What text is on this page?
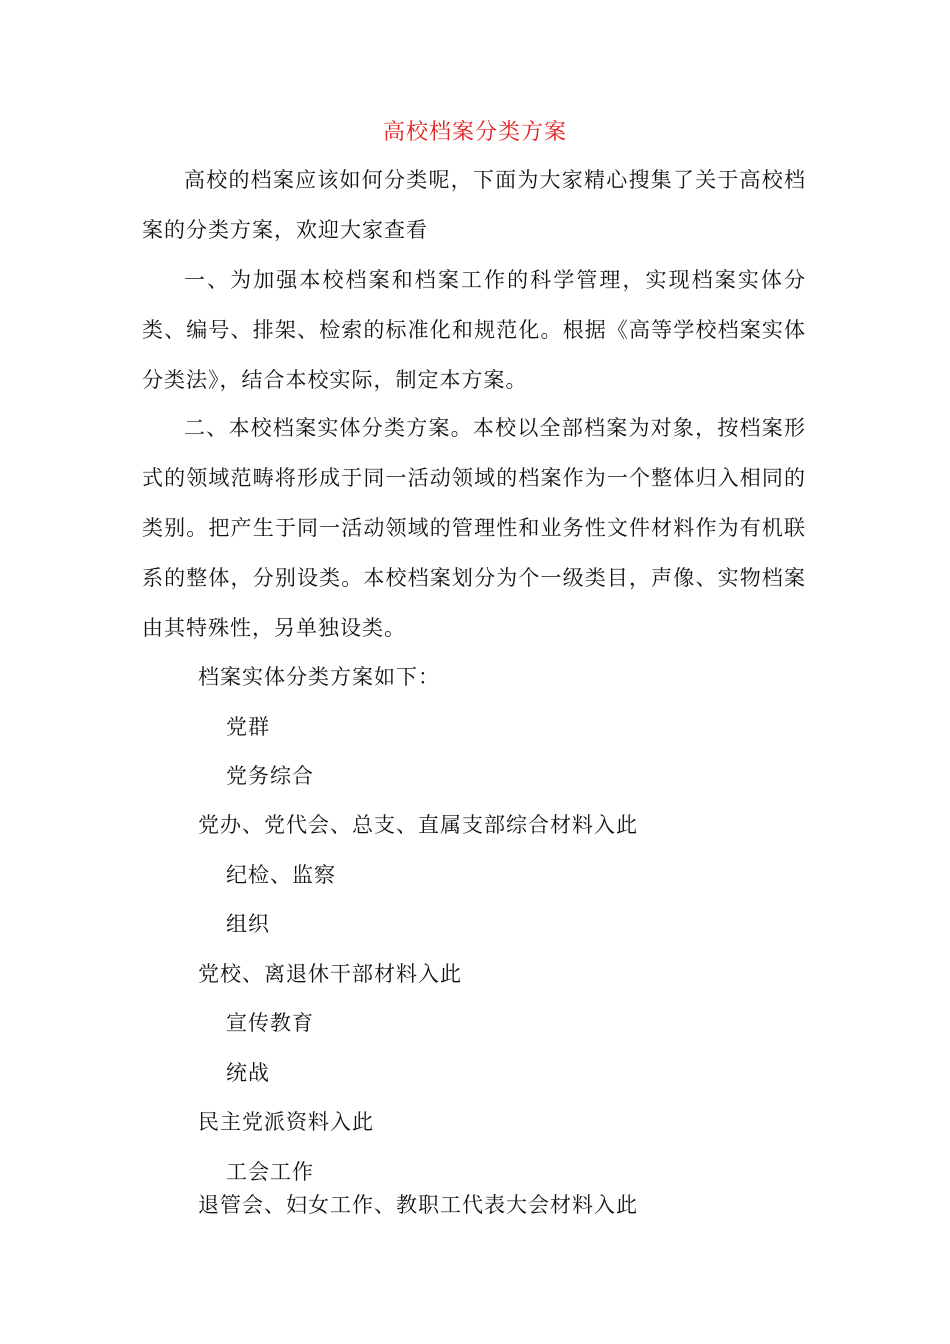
高校档案分类方案

高校的档案应该如何分类呢，下面为大家精心搜集了关于高校档案的分类方案，欢迎大家查看

一、为加强本校档案和档案工作的科学管理，实现档案实体分类、编号、排架、检索的标准化和规范化。根据《高等学校档案实体分类法》，结合本校实际，制定本方案。

二、本校档案实体分类方案。本校以全部档案为对象，按档案形式的领域范畴将形成于同一活动领域的档案作为一个整体归入相同的类别。把产生于同一活动领域的管理性和业务性文件材料作为有机联系的整体，分别设类。本校档案划分为个一级类目，声像、实物档案由其特殊性，另单独设类。

档案实体分类方案如下：

党群

党务综合

党办、党代会、总支、直属支部综合材料入此

纪检、监察

组织

党校、离退休干部材料入此

宣传教育

统战

民主党派资料入此

工会工作

退管会、妇女工作、教职工代表大会材料入此
